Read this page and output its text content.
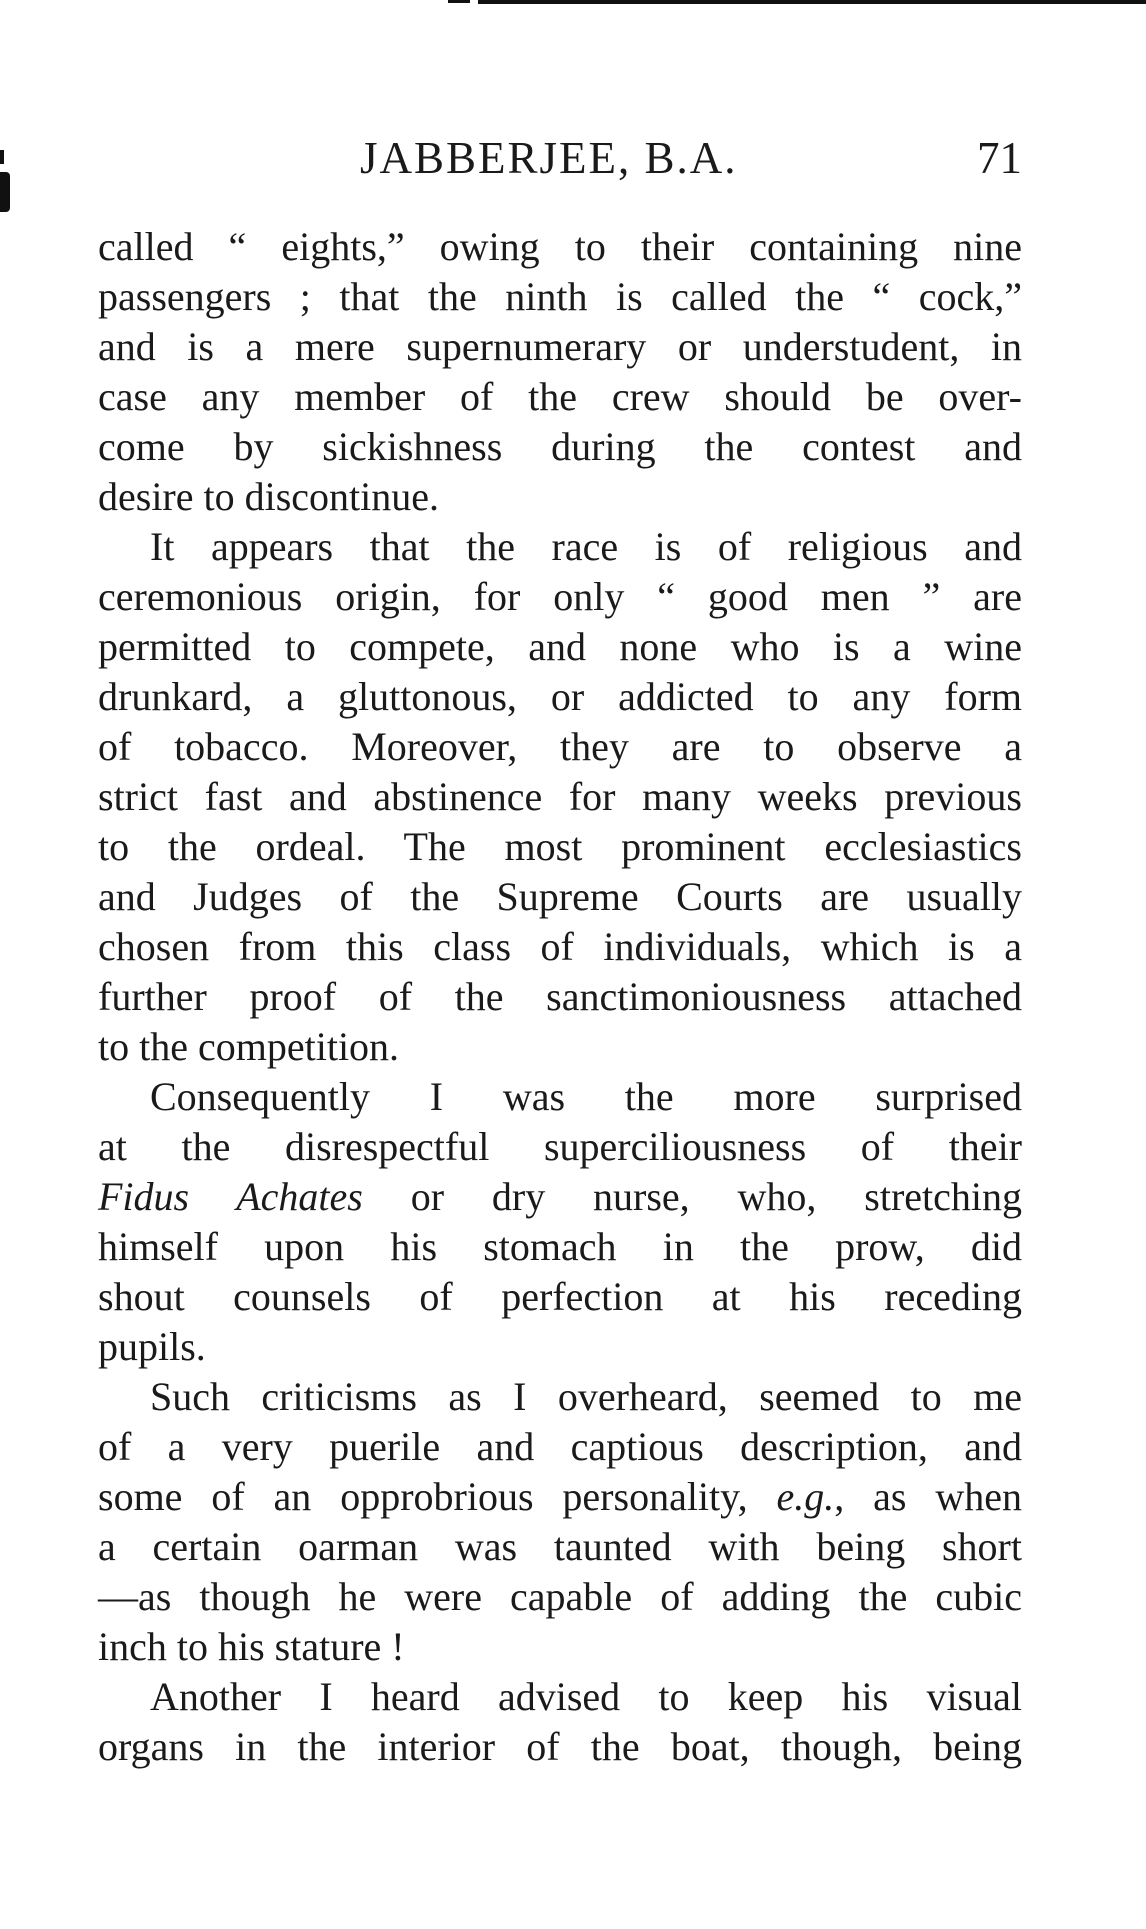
JABBERJEE, B.A.	71
called “ eights,” owing to their containing nine
passengers ; that the ninth is called the “ cock,”
and is a mere supernumerary or understudent, in
case any member of the crew should be over-
come by sickishness during the contest and
desire to discontinue.
It appears that the race is of religious and
ceremonious origin, for only “ good men ” are
permitted to compete, and none who is a wine
drunkard, a gluttonous, or addicted to any form
of tobacco. Moreover, they are to observe a
strict fast and abstinence for many weeks previous
to the ordeal. The most prominent ecclesiastics
and Judges of the Supreme Courts are usually
chosen from this class of individuals, which is a
further proof of the sanctimoniousness attached
to the competition.
Consequently I was the more surprised
at the disrespectful superciliousness of their
Fidus Achates or dry nurse, who, stretching
himself upon his stomach in the prow, did
shout counsels of perfection at his receding
pupils.
Such criticisms as I overheard, seemed to me
of a very puerile and captious description, and
some of an opprobrious personality, e.g., as when
a certain oarman was taunted with being short
—as though he were capable of adding the cubic
inch to his stature !
Another I heard advised to keep his visual
organs in the interior of the boat, though, being
